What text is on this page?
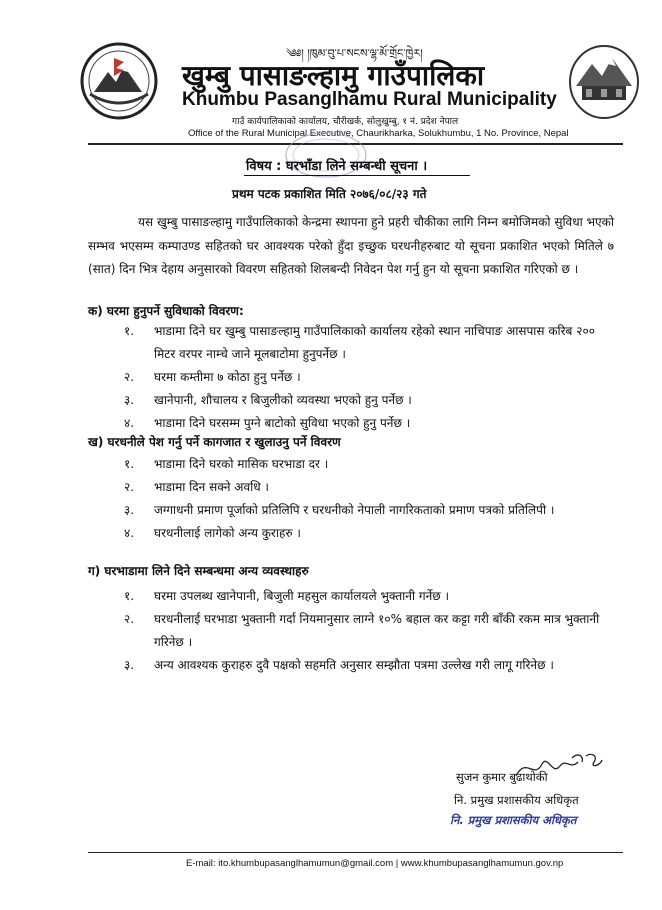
༄༅། །ཁུམ་བུ་པ་སངས་ལྷ་མོ་གྲོང་ཁྱེར།
खुम्बु पासाङल्हामु गाउँपालिका
Khumbu Pasanglhamu Rural Municipality
गाउँ कार्यपालिकाको कार्यालय, चौरीखर्क, सोलुखुम्बु, १ नं. प्रदेश नेपाल
Office of the Rural Municipal Executive, Chaurikharka, Solukhumbu, 1 No. Province, Nepal
विषय : घरभाँडा लिने सम्बन्धी सूचना ।
प्रथम पटक प्रकाशित मिति २०७६/०८/२३ गते
यस खुम्बु पासाङल्हामु गाउँपालिकाको केन्द्रमा स्थापना हुने प्रहरी चौकीका लागि निम्न बमोजिमको सुविधा भएको सम्भव भएसम्म कम्पाउण्ड सहितको घर आवश्यक परेको हुँदा इच्छुक घरधनीहरुबाट यो सूचना प्रकाशित भएको मितिले ७ (सात) दिन भित्र देहाय अनुसारको विवरण सहितको शिलबन्दी निवेदन पेश गर्नु हुन यो सूचना प्रकाशित गरिएको छ ।
क) घरमा हुनुपर्ने सुविधाको विवरण:
१. भाडामा दिने घर खुम्बु पासाङल्हामु गाउँपालिकाको कार्यालय रहेको स्थान नाचिपाङ आसपास करिब २०० मिटर वरपर नाम्चे जाने मूलबाटोमा हुनुपर्नेछ ।
२. घरमा कम्तीमा ७ कोठा हुनु पर्नेछ ।
३. खानेपानी, शौचालय र बिजुलीको व्यवस्था भएको हुनु पर्नेछ ।
४. भाडामा दिने घरसम्म पुग्ने बाटोको सुविधा भएको हुनु पर्नेछ ।
ख) घरधनीले पेश गर्नु पर्ने कागजात र खुलाउनु पर्ने विवरण
१. भाडामा दिने घरको मासिक घरभाडा दर ।
२. भाडामा दिन सक्ने अवधि ।
३. जग्गाधनी प्रमाण पूर्जाको प्रतिलिपि र घरधनीको नेपाली नागरिकताको प्रमाण पत्रको प्रतिलिपी ।
४. घरधनीलाई लागेको अन्य कुराहरु ।
ग) घरभाडामा लिने दिने सम्बन्धमा अन्य व्यवस्थाहरु
१. घरमा उपलब्ध खानेपानी, बिजुली महसुल कार्यालयले भुक्तानी गर्नेछ ।
२. घरधनीलाई घरभाडा भुक्तानी गर्दा नियमानुसार लाग्ने १०% बहाल कर कट्टा गरी बाँकी रकम मात्र भुक्तानी गरिनेछ ।
३. अन्य आवश्यक कुराहरु दुवै पक्षको सहमति अनुसार सम्झौता पत्रमा उल्लेख गरी लागू गरिनेछ ।
सुजन कुमार बुढाथोकी
नि. प्रमुख प्रशासकीय अधिकृत
नि. प्रमुख प्रशासकीय अधिकृत
E-mail: ito.khumbupasanglhamumun@gmail.com | www.khumbupasanglhamumun.gov.np
